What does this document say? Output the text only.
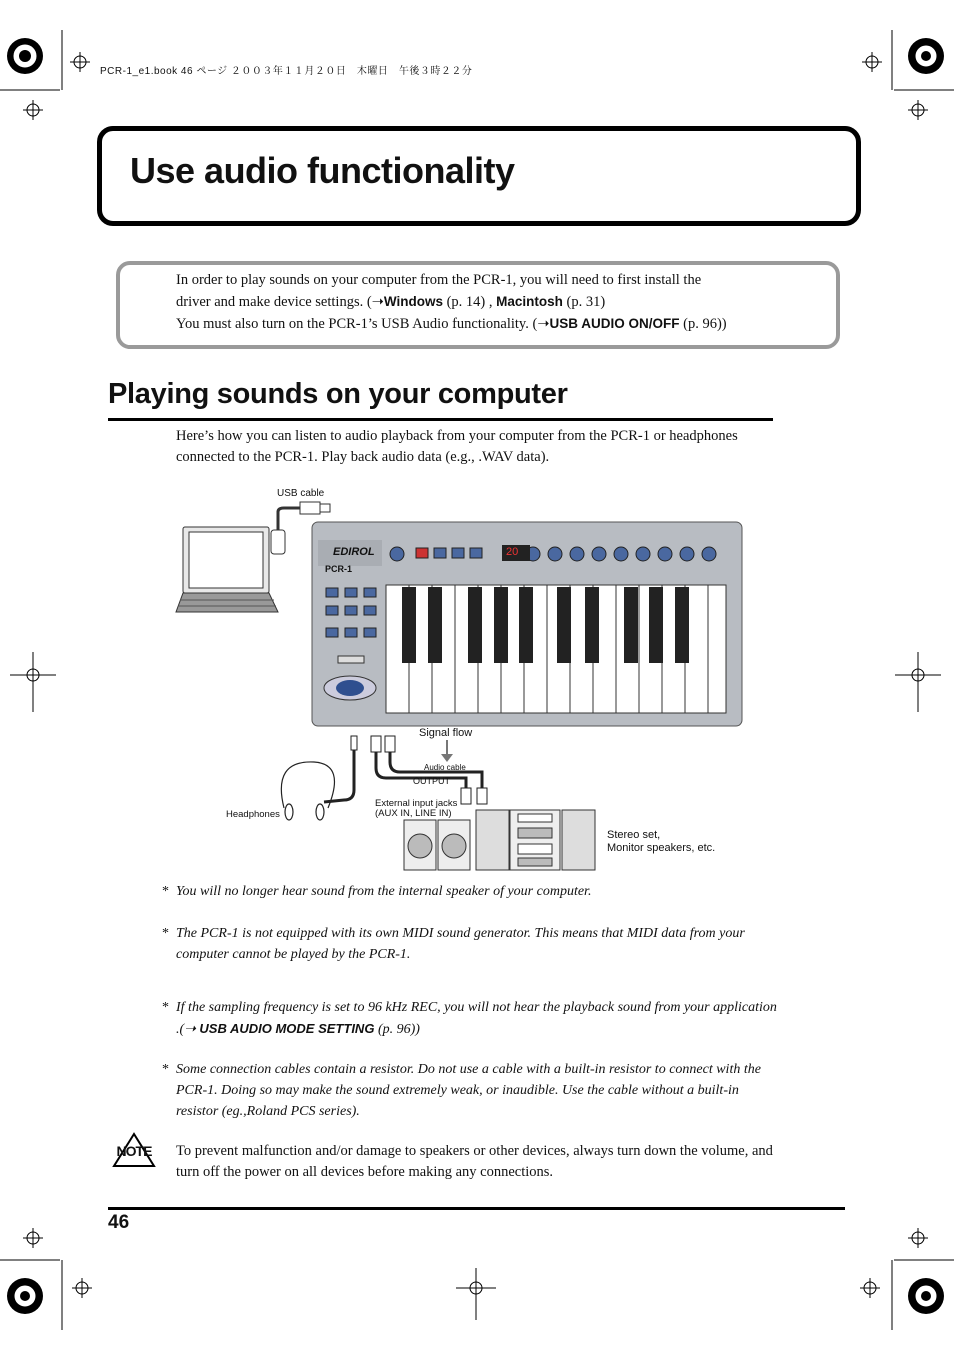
PCR-1_e1.book 46 ページ ２００３年１１月２０日　木曜日　午後３時２２分
Use audio functionality
In order to play sounds on your computer from the PCR-1, you will need to first install the
driver and make device settings. (➝Windows (p. 14) , Macintosh (p. 31)
You must also turn on the PCR-1’s USB Audio functionality. (➝USB AUDIO ON/OFF (p. 96))
Playing sounds on your computer
Here’s how you can listen to audio playback from your computer from the PCR-1 or headphones connected to the PCR-1. Play back audio data (e.g., .WAV data).
USB cable
EDIROL
PCR-1
20
Signal flow
Audio cable
OUTPUT
Headphones
External input jacks
(AUX IN, LINE IN)
Stereo set,
Monitor speakers, etc.
* You will no longer hear sound from the internal speaker of your computer.
* The PCR-1 is not equipped with its own MIDI sound generator. This means that MIDI data from your computer cannot be played by the PCR-1.
* If the sampling frequency is set to 96 kHz REC, you will not hear the playback sound from your application .(➝ USB AUDIO MODE SETTING (p. 96))
* Some connection cables contain a resistor. Do not use a cable with a built-in resistor to connect with the PCR-1. Doing so may make the sound extremely weak, or inaudible. Use the cable without a built-in resistor (eg.,Roland PCS series).
NOTE	To prevent malfunction and/or damage to speakers or other devices, always turn down the volume, and turn off the power on all devices before making any connections.
46
